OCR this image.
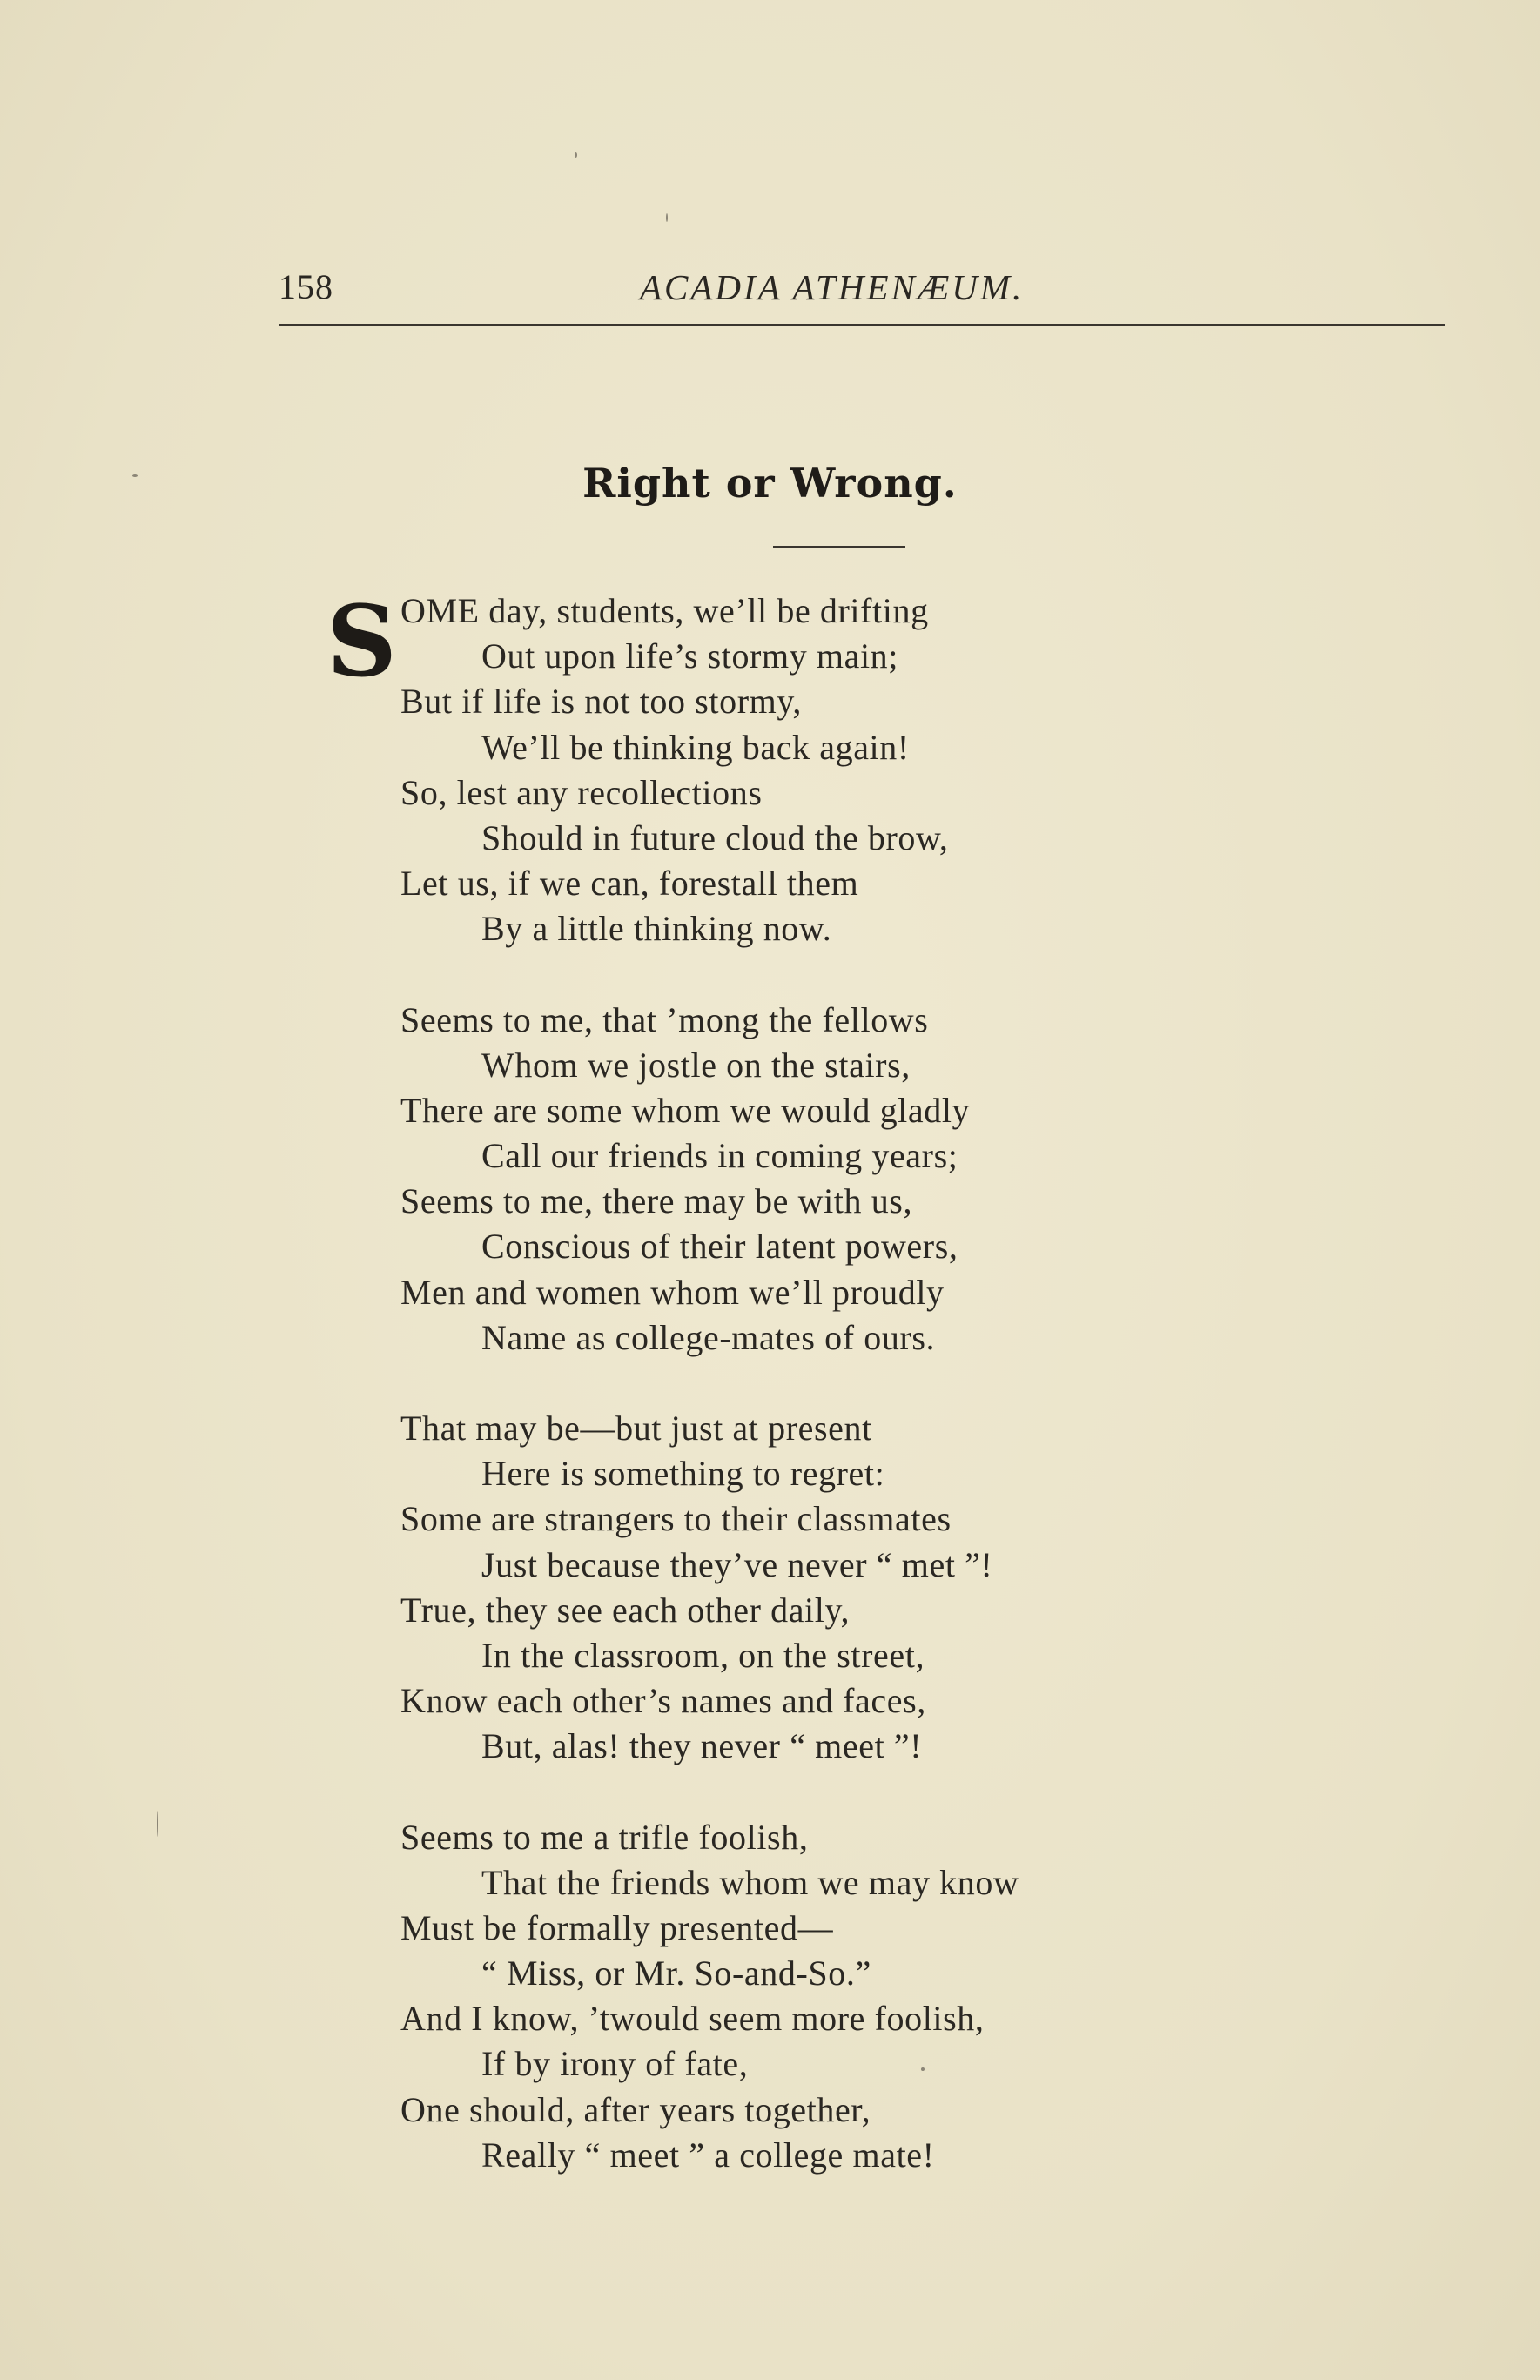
158	ACADIA ATHENÆUM.
Right or Wrong.
S OME day, students, we’ll be drifting
Out upon life’s stormy main;
But if life is not too stormy,
We’ll be thinking back again!
So, lest any recollections
Should in future cloud the brow,
Let us, if we can, forestall them
By a little thinking now.
Seems to me, that ’mong the fellows
Whom we jostle on the stairs,
There are some whom we would gladly
Call our friends in coming years;
Seems to me, there may be with us,
Conscious of their latent powers,
Men and women whom we’ll proudly
Name as college-mates of ours.
That may be—but just at present
Here is something to regret:
Some are strangers to their classmates
Just because they’ve never “ met ”!
True, they see each other daily,
In the classroom, on the street,
Know each other’s names and faces,
But, alas! they never “ meet ”!
Seems to me a trifle foolish,
That the friends whom we may know
Must be formally presented—
“ Miss, or Mr. So-and-So.”
And I know, ’twould seem more foolish,
If by irony of fate,
One should, after years together,
Really “ meet ” a college mate!
